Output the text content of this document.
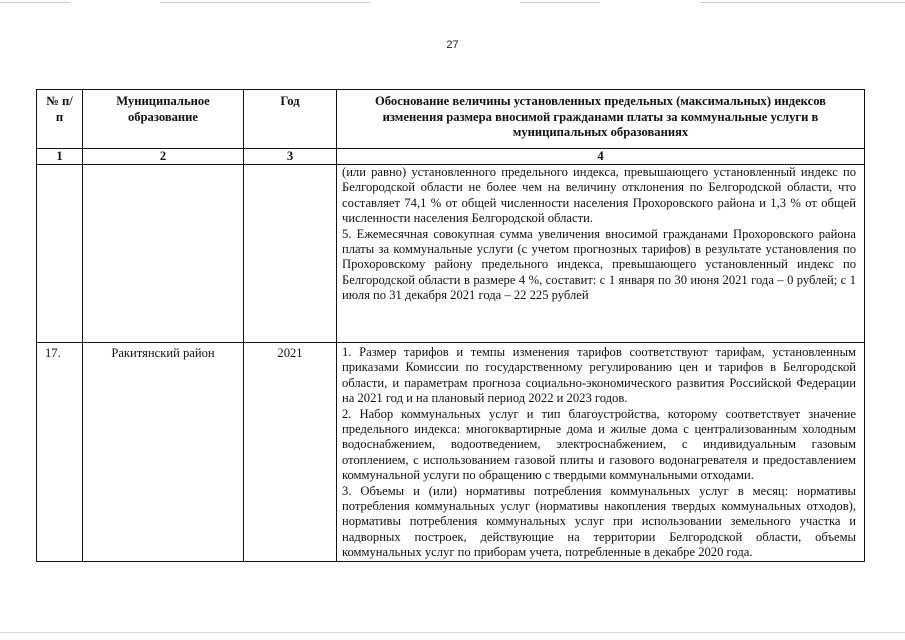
27
№ п/п	Муниципальное образование	Год	Обоснование величины установленных предельных (максимальных) индексов изменения размера вносимой гражданами платы за коммунальные услуги в муниципальных образованиях
1	2	3	4

			(или равно) установленного предельного индекса, превышающего установленный индекс по Белгородской области не более чем на величину отклонения по Белгородской области, что составляет 74,1 % от общей численности населения Прохоровского района и 1,3 % от общей численности населения Белгородской области.

5. Ежемесячная совокупная сумма увеличения вносимой гражданами Прохоровского района платы за коммунальные услуги (с учетом прогнозных тарифов) в результате установления по Прохоровскому району предельного индекса, превышающего установленный индекс по Белгородской области в размере 4 %, составит: с 1 января по 30 июня 2021 года – 0 рублей; с 1 июля по 31 декабря 2021 года – 22 225 рублей

17.	Ракитянский район	2021	1. Размер тарифов и темпы изменения тарифов соответствуют тарифам, установленным приказами Комиссии по государственному регулированию цен и тарифов в Белгородской области, и параметрам прогноза социально-экономического развития Российской Федерации на 2021 год и на плановый период 2022 и 2023 годов.

2. Набор коммунальных услуг и тип благоустройства, которому соответствует значение предельного индекса: многоквартирные дома и жилые дома с централизованным холодным водоснабжением, водоотведением, электроснабжением, с индивидуальным газовым отоплением, с использованием газовой плиты и газового водонагревателя и предоставлением коммунальной услуги по обращению с твердыми коммунальными отходами.

3. Объемы и (или) нормативы потребления коммунальных услуг в месяц: нормативы потребления коммунальных услуг (нормативы накопления твердых коммунальных отходов), нормативы потребления коммунальных услуг при использовании земельного участка и надворных построек, действующие на территории Белгородской области, объемы коммунальных услуг по приборам учета, потребленные в декабре 2020 года.
